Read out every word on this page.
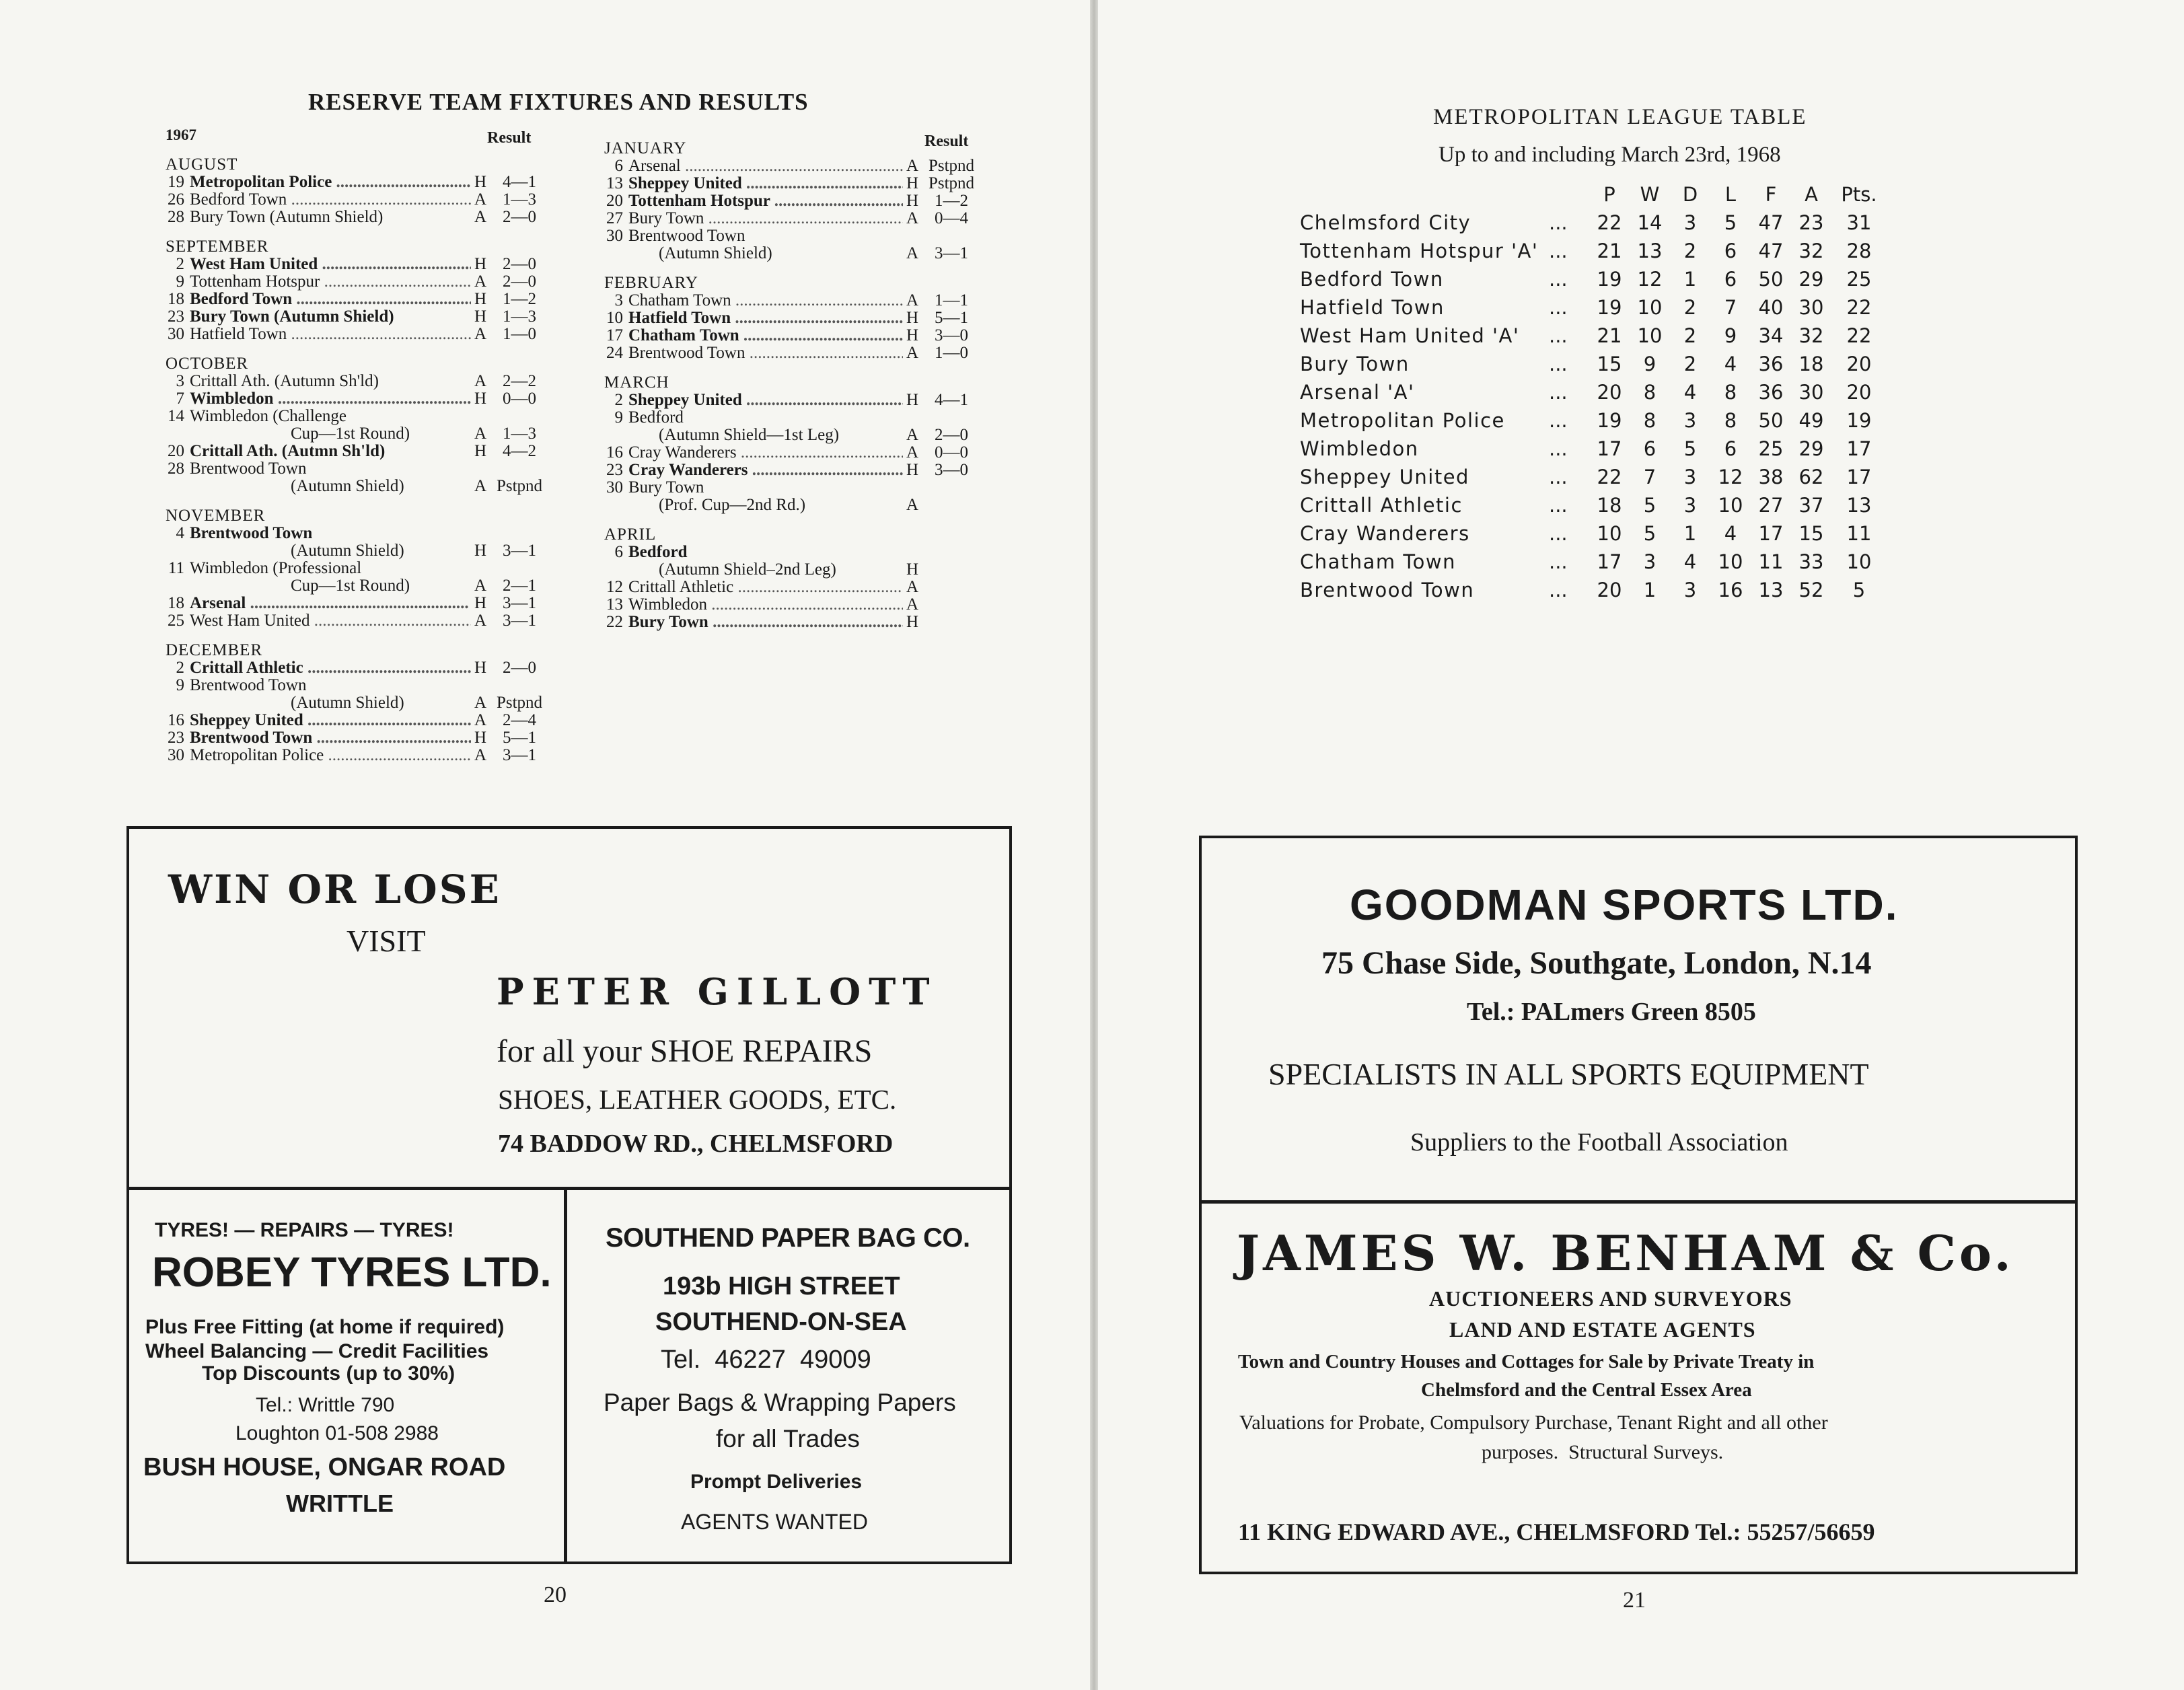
RESERVE TEAM FIXTURES AND RESULTS
Result	Result
1967
AUGUST
19 Metropolitan Police .....	H 4—1
26 Bedford Town .....	A 1—3
28 Bury Town (Autumn Shield)	A 2—0
SEPTEMBER
2 West Ham United .....	H 2—0
9 Tottenham Hotspur .....	A 2—0
18 Bedford Town .....	H 1—2
23 Bury Town (Autumn Shield)	H 1—3
30 Hatfield Town .....	A 1—0
OCTOBER
3 Crittall Ath. (Autumn Sh'ld)	A 2—2
7 Wimbledon .....	H 0—0
14 Wimbledon (Challenge
Cup—1st Round)	A 1—3
20 Crittall Ath. (Autmn Sh'ld)	H 4—2
28 Brentwood Town
(Autumn Shield)	A Pstpnd
NOVEMBER
4 Brentwood Town
(Autumn Shield)	H 3—1
11 Wimbledon (Professional
Cup—1st Round)	A 2—1
18 Arsenal .....	H 3—1
25 West Ham United .....	A 3—1
DECEMBER
2 Crittall Athletic .....	H 2—0
9 Brentwood Town
(Autumn Shield)	A Pstpnd
16 Sheppey United .....	A 2—4
23 Brentwood Town .....	H 5—1
30 Metropolitan Police .....	A 3—1
JANUARY
6 Arsenal .....	A Pstpnd
13 Sheppey United .....	H Pstpnd
20 Tottenham Hotspur .....	H 1—2
27 Bury Town .....	A 0—4
30 Brentwood Town
(Autumn Shield)	A 3—1
FEBRUARY
3 Chatham Town .....	A 1—1
10 Hatfield Town .....	H 5—1
17 Chatham Town .....	H 3—0
24 Brentwood Town .....	A 1—0
MARCH
2 Sheppey United .....	H 4—1
9 Bedford
(Autumn Shield—1st Leg)	A 2—0
16 Cray Wanderers .....	A 0—0
23 Cray Wanderers .....	H 3—0
30 Bury Town
(Prof. Cup—2nd Rd.)	A
APRIL
6 Bedford
(Autumn Shield–2nd Leg)	H
12 Crittall Athletic .....	A
13 Wimbledon .....	A
22 Bury Town .....	H
WIN OR LOSE
VISIT
PETER GILLOTT
for all your SHOE REPAIRS
SHOES, LEATHER GOODS, ETC.
74 BADDOW RD., CHELMSFORD
TYRES! — REPAIRS — TYRES!
ROBEY TYRES LTD.
Plus Free Fitting (at home if required)
Wheel Balancing — Credit Facilities
Top Discounts (up to 30%)
Tel.: Writtle 790
Loughton 01-508 2988
BUSH HOUSE, ONGAR ROAD
WRITTLE
SOUTHEND PAPER BAG CO.
193b HIGH STREET
SOUTHEND-ON-SEA
Tel.  46227  49009
Paper Bags & Wrapping Papers
for all Trades
Prompt Deliveries
AGENTS WANTED
20
METROPOLITAN LEAGUE TABLE
Up to and including March 23rd, 1968
		P	W	D	L	F	A	Pts.
Chelmsford City	...	22	14	3	5	47	23	31
Tottenham Hotspur 'A'	...	21	13	2	6	47	32	28
Bedford Town	...	19	12	1	6	50	29	25
Hatfield Town	...	19	10	2	7	40	30	22
West Ham United 'A'	...	21	10	2	9	34	32	22
Bury Town	...	15	9	2	4	36	18	20
Arsenal 'A'	...	20	8	4	8	36	30	20
Metropolitan Police	...	19	8	3	8	50	49	19
Wimbledon	...	17	6	5	6	25	29	17
Sheppey United	...	22	7	3	12	38	62	17
Crittall Athletic	...	18	5	3	10	27	37	13
Cray Wanderers	...	10	5	1	4	17	15	11
Chatham Town	...	17	3	4	10	11	33	10
Brentwood Town	...	20	1	3	16	13	52	5
GOODMAN SPORTS LTD.
75 Chase Side, Southgate, London, N.14
Tel.: PALmers Green 8505
SPECIALISTS IN ALL SPORTS EQUIPMENT
Suppliers to the Football Association
JAMES W. BENHAM & Co.
AUCTIONEERS AND SURVEYORS
LAND AND ESTATE AGENTS
Town and Country Houses and Cottages for Sale by Private Treaty in
Chelmsford and the Central Essex Area
Valuations for Probate, Compulsory Purchase, Tenant Right and all other
purposes.  Structural Surveys.
11 KING EDWARD AVE., CHELMSFORD Tel.: 55257/56659
21
